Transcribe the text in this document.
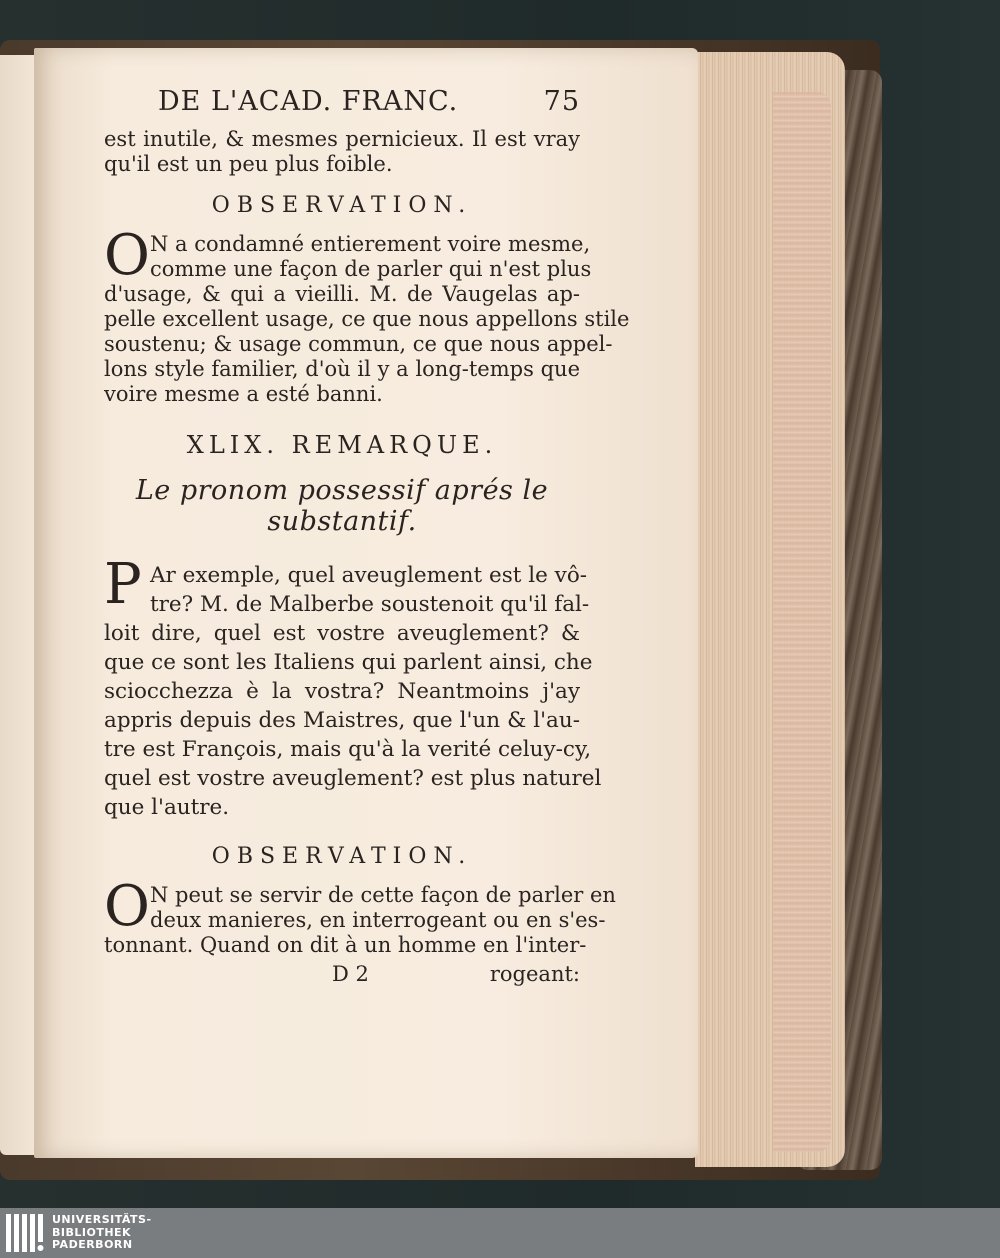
DE L'ACAD. FRANC.	75
est inutile, & mesmes pernicieux. Il est vray
qu'il est un peu plus foible.
OBSERVATION.
O N a condamné entierement voire mesme,
comme une façon de parler qui n'est plus
d'usage, & qui a vieilli. M. de Vaugelas ap-
pelle excellent usage, ce que nous appellons stile
soustenu; & usage commun, ce que nous appel-
lons style familier, d'où il y a long-temps que
voire mesme a esté banni.
XLIX. REMARQUE.
Le pronom possessif aprés le substantif.
P Ar exemple, quel aveuglement est le vô-
tre? M. de Malberbe soustenoit qu'il fal-
loit dire, quel est vostre aveuglement? &
que ce sont les Italiens qui parlent ainsi, che
sciocchezza è la vostra? Neantmoins j'ay
appris depuis des Maistres, que l'un & l'au-
tre est François, mais qu'à la verité celuy-cy,
quel est vostre aveuglement? est plus naturel
que l'autre.
OBSERVATION.
O N peut se servir de cette façon de parler en
deux manieres, en interrogeant ou en s'es-
tonnant. Quand on dit à un homme en l'inter-
D 2	rogeant:
UNIVERSITÄTS-
BIBLIOTHEK
PADERBORN
